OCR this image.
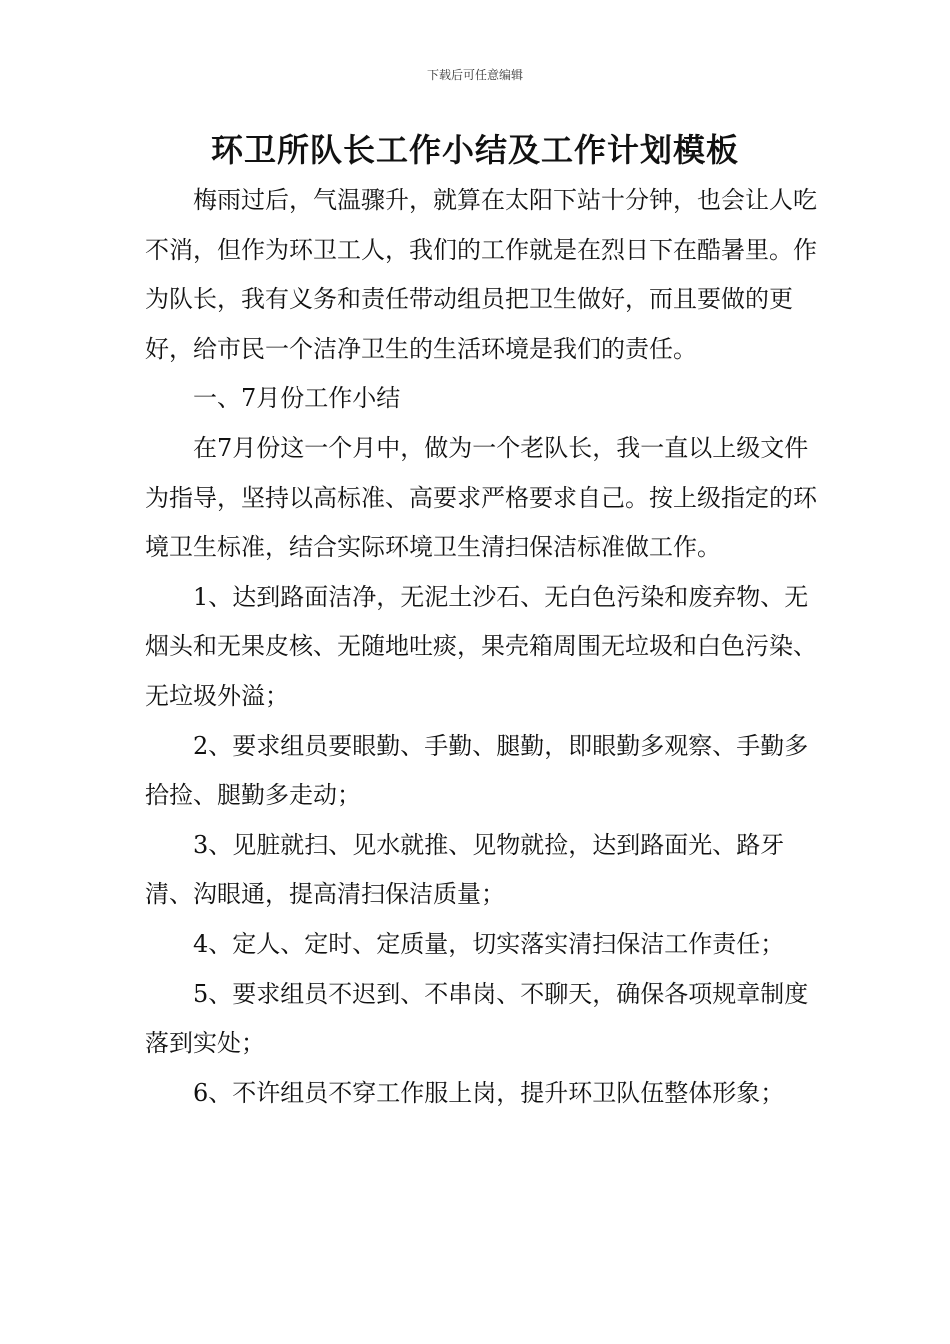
下载后可任意编辑
环卫所队长工作小结及工作计划模板

梅雨过后，气温骤升，就算在太阳下站十分钟，也会让人吃不消，但作为环卫工人，我们的工作就是在烈日下在酷暑里。作为队长，我有义务和责任带动组员把卫生做好，而且要做的更好，给市民一个洁净卫生的生活环境是我们的责任。

一、7月份工作小结

在7月份这一个月中，做为一个老队长，我一直以上级文件为指导，坚持以高标准、高要求严格要求自己。按上级指定的环境卫生标准，结合实际环境卫生清扫保洁标准做工作。

1、达到路面洁净，无泥土沙石、无白色污染和废弃物、无烟头和无果皮核、无随地吐痰，果壳箱周围无垃圾和白色污染、无垃圾外溢；

2、要求组员要眼勤、手勤、腿勤，即眼勤多观察、手勤多拾捡、腿勤多走动；

3、见脏就扫、见水就推、见物就捡，达到路面光、路牙清、沟眼通，提高清扫保洁质量；

4、定人、定时、定质量，切实落实清扫保洁工作责任；

5、要求组员不迟到、不串岗、不聊天，确保各项规章制度落到实处；

6、不许组员不穿工作服上岗，提升环卫队伍整体形象；
